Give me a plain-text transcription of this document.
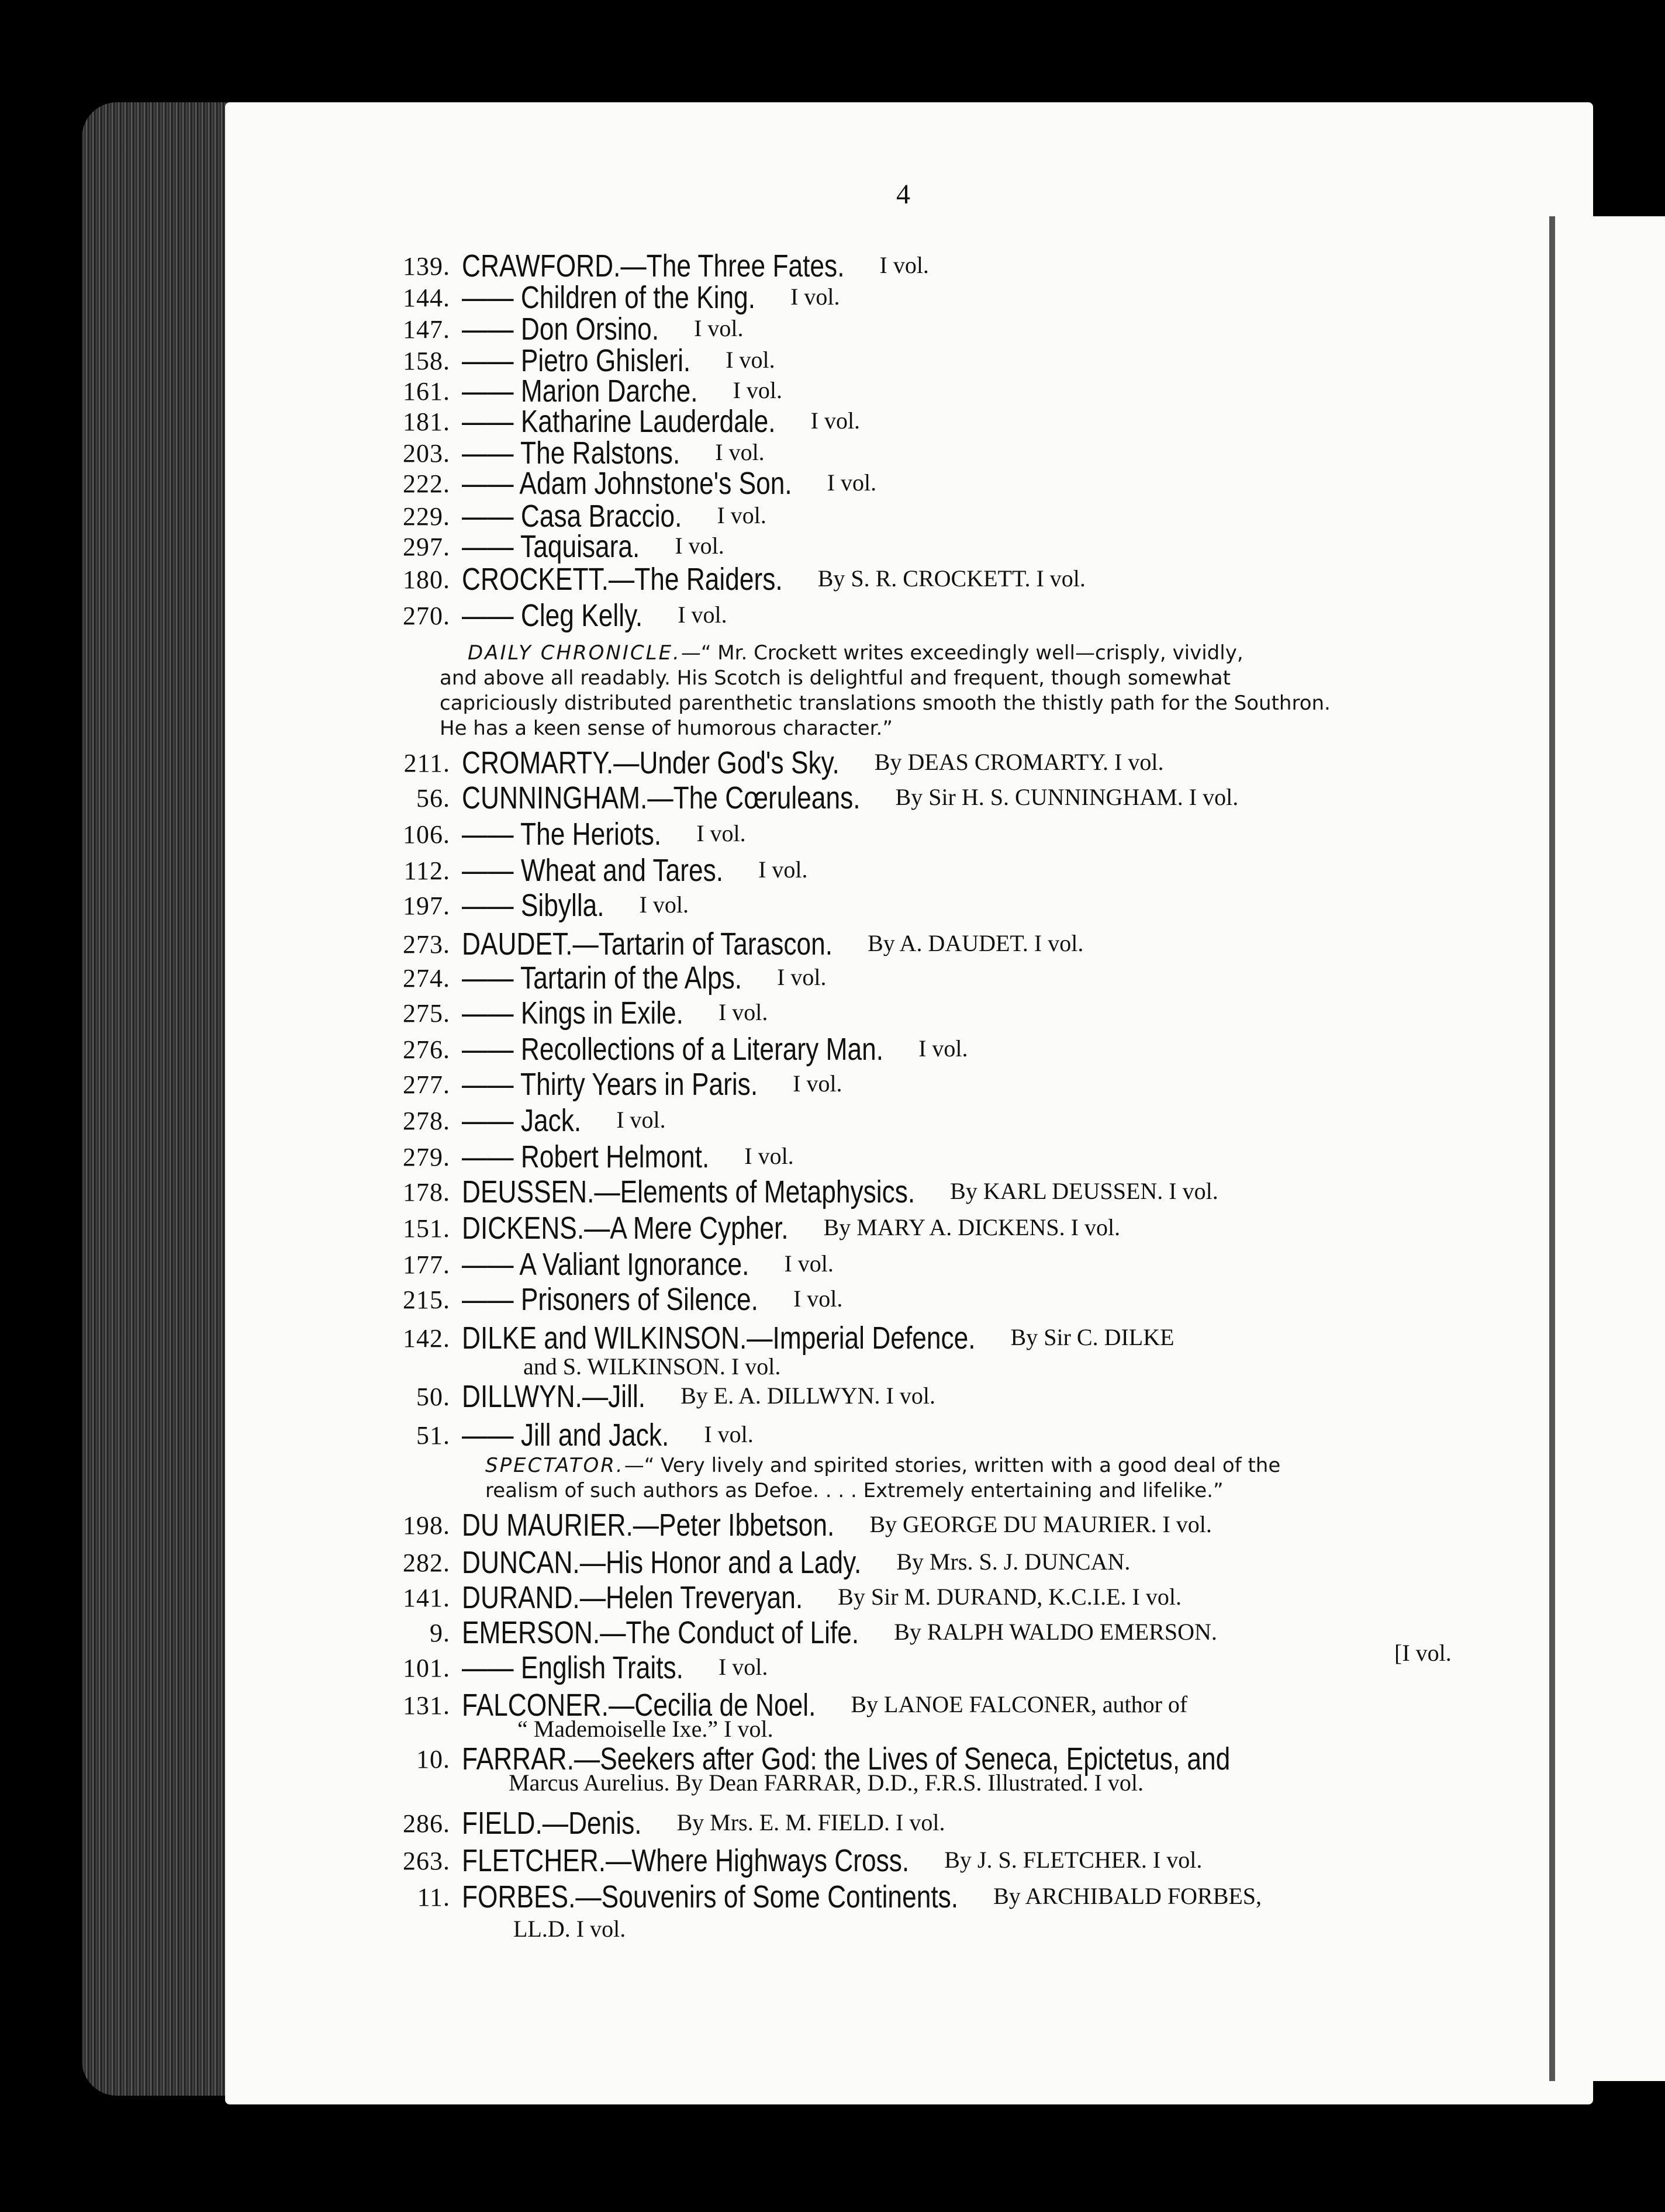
4
139. CRAWFORD.—The Three Fates. I vol.
144. —— Children of the King. I vol.
147. —— Don Orsino. I vol.
158. —— Pietro Ghisleri. I vol.
161. —— Marion Darche. I vol.
181. —— Katharine Lauderdale. I vol.
203. —— The Ralstons. I vol.
222. —— Adam Johnstone's Son. I vol.
229. —— Casa Braccio. I vol.
297. —— Taquisara. I vol.
180. CROCKETT.—The Raiders. By S. R. CROCKETT. I vol.
270. —— Cleg Kelly. I vol.
211. CROMARTY.—Under God's Sky. By DEAS CROMARTY. I vol.
56. CUNNINGHAM.—The Cœruleans. By Sir H. S. CUNNINGHAM. I vol.
106. —— The Heriots. I vol.
112. —— Wheat and Tares. I vol.
197. —— Sibylla. I vol.
273. DAUDET.—Tartarin of Tarascon. By A. DAUDET. I vol.
274. —— Tartarin of the Alps. I vol.
275. —— Kings in Exile. I vol.
276. —— Recollections of a Literary Man. I vol.
277. —— Thirty Years in Paris. I vol.
278. —— Jack. I vol.
279. —— Robert Helmont. I vol.
178. DEUSSEN.—Elements of Metaphysics. By KARL DEUSSEN. I vol.
151. DICKENS.—A Mere Cypher. By MARY A. DICKENS. I vol.
177. —— A Valiant Ignorance. I vol.
215. —— Prisoners of Silence. I vol.
142. DILKE and WILKINSON.—Imperial Defence. By Sir C. DILKE
50. DILLWYN.—Jill. By E. A. DILLWYN. I vol.
51. —— Jill and Jack. I vol.
198. DU MAURIER.—Peter Ibbetson. By GEORGE DU MAURIER. I vol.
282. DUNCAN.—His Honor and a Lady. By Mrs. S. J. DUNCAN.
141. DURAND.—Helen Treveryan. By Sir M. DURAND, K.C.I.E. I vol.
9. EMERSON.—The Conduct of Life. By RALPH WALDO EMERSON.
101. —— English Traits. I vol.
131. FALCONER.—Cecilia de Noel. By LANOE FALCONER, author of
10. FARRAR.—Seekers after God: the Lives of Seneca, Epictetus, and
286. FIELD.—Denis. By Mrs. E. M. FIELD. I vol.
263. FLETCHER.—Where Highways Cross. By J. S. FLETCHER. I vol.
11. FORBES.—Souvenirs of Some Continents. By ARCHIBALD FORBES,
and S. WILKINSON. I vol.
[I vol.
“ Mademoiselle Ixe.” I vol.
Marcus Aurelius. By Dean FARRAR, D.D., F.R.S. Illustrated. I vol.
LL.D. I vol.
DAILY CHRONICLE.—“ Mr. Crockett writes exceedingly well—crisply, vividly,
and above all readably. His Scotch is delightful and frequent, though somewhat
capriciously distributed parenthetic translations smooth the thistly path for the Southron.
He has a keen sense of humorous character.”
SPECTATOR.—“ Very lively and spirited stories, written with a good deal of the
realism of such authors as Defoe. . . . Extremely entertaining and lifelike.”
